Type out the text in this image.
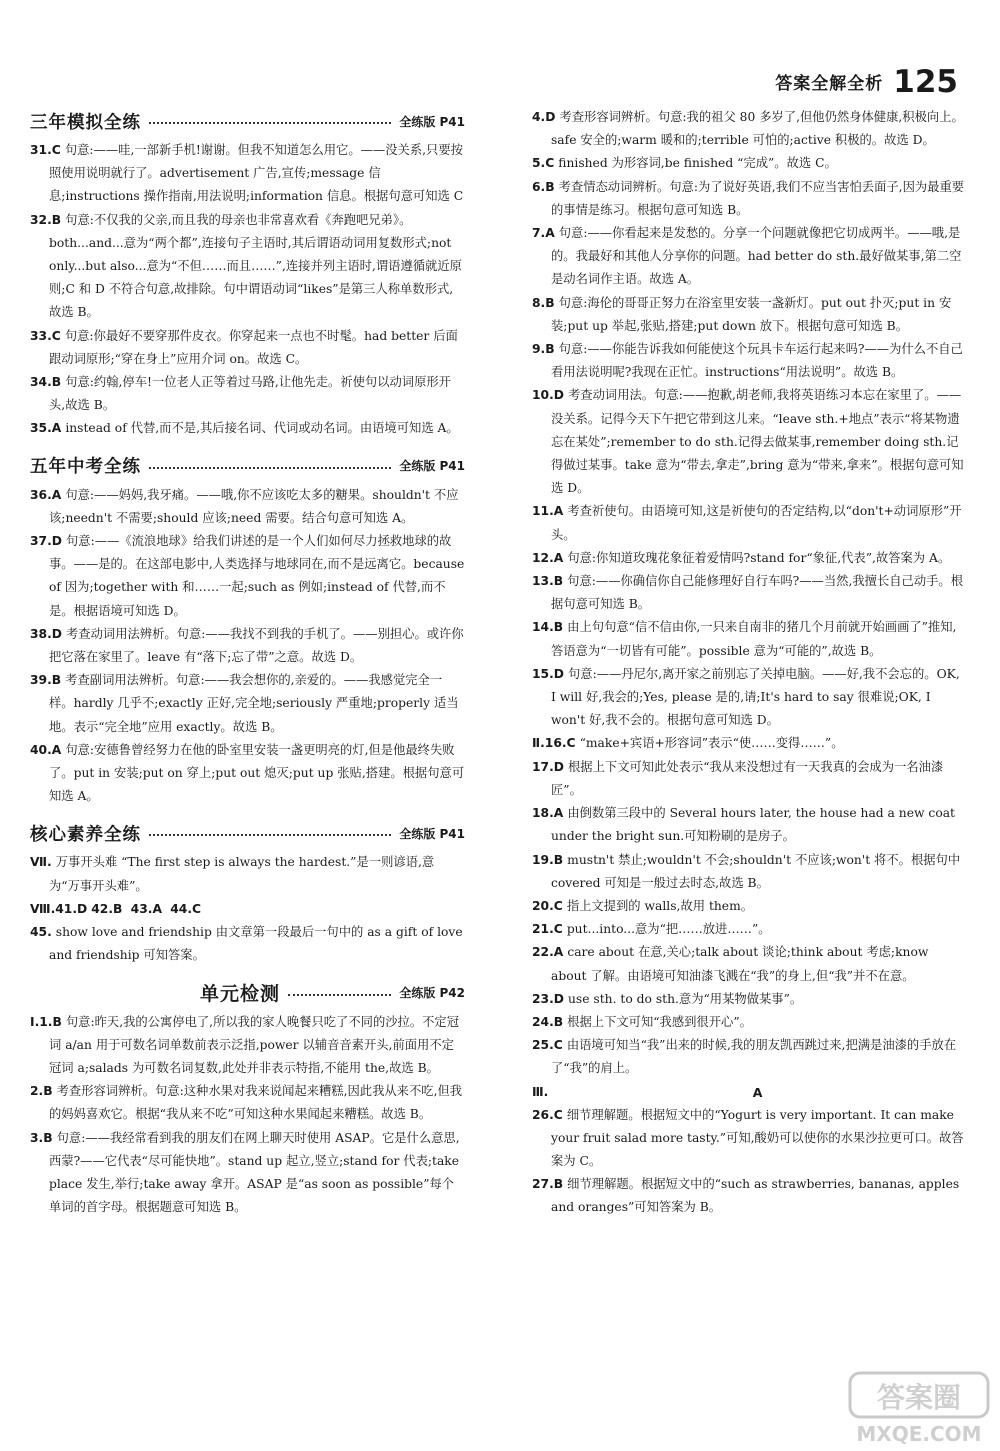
答案全解全析 125
三年模拟全练	全练版 P41

31.C 句意:——哇,一部新手机!谢谢。但我不知道怎么用它。——没关系,只要按照使用说明就行了。advertisement 广告,宣传;message 信息;instructions 操作指南,用法说明;information 信息。根据句意可知选 C

32.B 句意:不仅我的父亲,而且我的母亲也非常喜欢看《奔跑吧兄弟》。both...and...意为“两个都”,连接句子主语时,其后谓语动词用复数形式;not only...but also...意为“不但……而且……”,连接并列主语时,谓语遵循就近原则;C 和 D 不符合句意,故排除。句中谓语动词“likes”是第三人称单数形式,故选 B。

33.C 句意:你最好不要穿那件皮衣。你穿起来一点也不时髦。had better 后面跟动词原形;“穿在身上”应用介词 on。故选 C。

34.B 句意:约翰,停车!一位老人正等着过马路,让他先走。祈使句以动词原形开头,故选 B。

35.A instead of 代替,而不是,其后接名词、代词或动名词。由语境可知选 A。

五年中考全练	全练版 P41

36.A 句意:——妈妈,我牙痛。——哦,你不应该吃太多的糖果。shouldn't 不应该;needn't 不需要;should 应该;need 需要。结合句意可知选 A。

37.D 句意:——《流浪地球》给我们讲述的是一个人们如何尽力拯救地球的故事。——是的。在这部电影中,人类选择与地球同在,而不是远离它。because of 因为;together with 和……一起;such as 例如;instead of 代替,而不是。根据语境可知选 D。

38.D 考查动词用法辨析。句意:——我找不到我的手机了。——别担心。或许你把它落在家里了。leave 有“落下;忘了带”之意。故选 D。

39.B 考查副词用法辨析。句意:——我会想你的,亲爱的。——我感觉完全一样。hardly 几乎不;exactly 正好,完全地;seriously 严重地;properly 适当地。表示“完全地”应用 exactly。故选 B。

40.A 句意:安德鲁曾经努力在他的卧室里安装一盏更明亮的灯,但是他最终失败了。put in 安装;put on 穿上;put out 熄灭;put up 张贴,搭建。根据句意可知选 A。

核心素养全练	全练版 P41

Ⅶ. 万事开头难 “The first step is always the hardest.”是一则谚语,意为“万事开头难”。

Ⅷ.41.D 42.B 43.A 44.C

45. show love and friendship 由文章第一段最后一句中的 as a gift of love and friendship 可知答案。

单元检测	全练版 P42

Ⅰ.1.B 句意:昨天,我的公寓停电了,所以我的家人晚餐只吃了不同的沙拉。不定冠词 a/an 用于可数名词单数前表示泛指,power 以辅音音素开头,前面用不定冠词 a;salads 为可数名词复数,此处并非表示特指,不能用 the,故选 B。

2.B 考查形容词辨析。句意:这种水果对我来说闻起来糟糕,因此我从来不吃,但我的妈妈喜欢它。根据“我从来不吃”可知这种水果闻起来糟糕。故选 B。

3.B 句意:——我经常看到我的朋友们在网上聊天时使用 ASAP。它是什么意思,西蒙?——它代表“尽可能快地”。stand up 起立,竖立;stand for 代表;take place 发生,举行;take away 拿开。ASAP 是“as soon as possible”每个单词的首字母。根据题意可知选 B。

4.D 考查形容词辨析。句意:我的祖父 80 多岁了,但他仍然身体健康,积极向上。safe 安全的;warm 暖和的;terrible 可怕的;active 积极的。故选 D。

5.C finished 为形容词,be finished “完成”。故选 C。

6.B 考查情态动词辨析。句意:为了说好英语,我们不应当害怕丢面子,因为最重要的事情是练习。根据句意可知选 B。

7.A 句意:——你看起来是发愁的。分享一个问题就像把它切成两半。——哦,是的。我最好和其他人分享你的问题。had better do sth.最好做某事,第二空是动名词作主语。故选 A。

8.B 句意:海伦的哥哥正努力在浴室里安装一盏新灯。put out 扑灭;put in 安装;put up 举起,张贴,搭建;put down 放下。根据句意可知选 B。

9.B 句意:——你能告诉我如何能使这个玩具卡车运行起来吗?——为什么不自己看用法说明呢?我现在正忙。instructions“用法说明”。故选 B。

10.D 考查动词用法。句意:——抱歉,胡老师,我将英语练习本忘在家里了。——没关系。记得今天下午把它带到这儿来。“leave sth.+地点”表示“将某物遗忘在某处”;remember to do sth.记得去做某事,remember doing sth.记得做过某事。take 意为“带去,拿走”,bring 意为“带来,拿来”。根据句意可知选 D。

11.A 考查祈使句。由语境可知,这是祈使句的否定结构,以“don't+动词原形”开头。

12.A 句意:你知道玫瑰花象征着爱情吗?stand for“象征,代表”,故答案为 A。

13.B 句意:——你确信你自己能修理好自行车吗?——当然,我擅长自己动手。根据句意可知选 B。

14.B 由上句句意“信不信由你,一只来自南非的猪几个月前就开始画画了”推知,答语意为“一切皆有可能”。possible 意为“可能的”,故选 B。

15.D 句意:——丹尼尔,离开家之前别忘了关掉电脑。——好,我不会忘的。OK, I will 好,我会的;Yes, please 是的,请;It's hard to say 很难说;OK, I won't 好,我不会的。根据句意可知选 D。

Ⅱ.16.C “make+宾语+形容词”表示“使……变得……”。

17.D 根据上下文可知此处表示“我从来没想过有一天我真的会成为一名油漆匠”。

18.A 由倒数第三段中的 Several hours later, the house had a new coat under the bright sun.可知粉刷的是房子。

19.B mustn't 禁止;wouldn't 不会;shouldn't 不应该;won't 将不。根据句中 covered 可知是一般过去时态,故选 B。

20.C 指上文提到的 walls,故用 them。

21.C put...into...意为“把……放进……”。

22.A care about 在意,关心;talk about 谈论;think about 考虑;know about 了解。由语境可知油漆飞溅在“我”的身上,但“我”并不在意。

23.D use sth. to do sth.意为“用某物做某事”。

24.B 根据上下文可知“我感到很开心”。

25.C 由语境可知当“我”出来的时候,我的朋友凯西跳过来,把满是油漆的手放在了“我”的肩上。

Ⅲ.	A

26.C 细节理解题。根据短文中的“Yogurt is very important. It can make your fruit salad more tasty.”可知,酸奶可以使你的水果沙拉更可口。故答案为 C。

27.B 细节理解题。根据短文中的“such as strawberries, bananas, apples and oranges”可知答案为 B。

答案圈
MXQE.COM
